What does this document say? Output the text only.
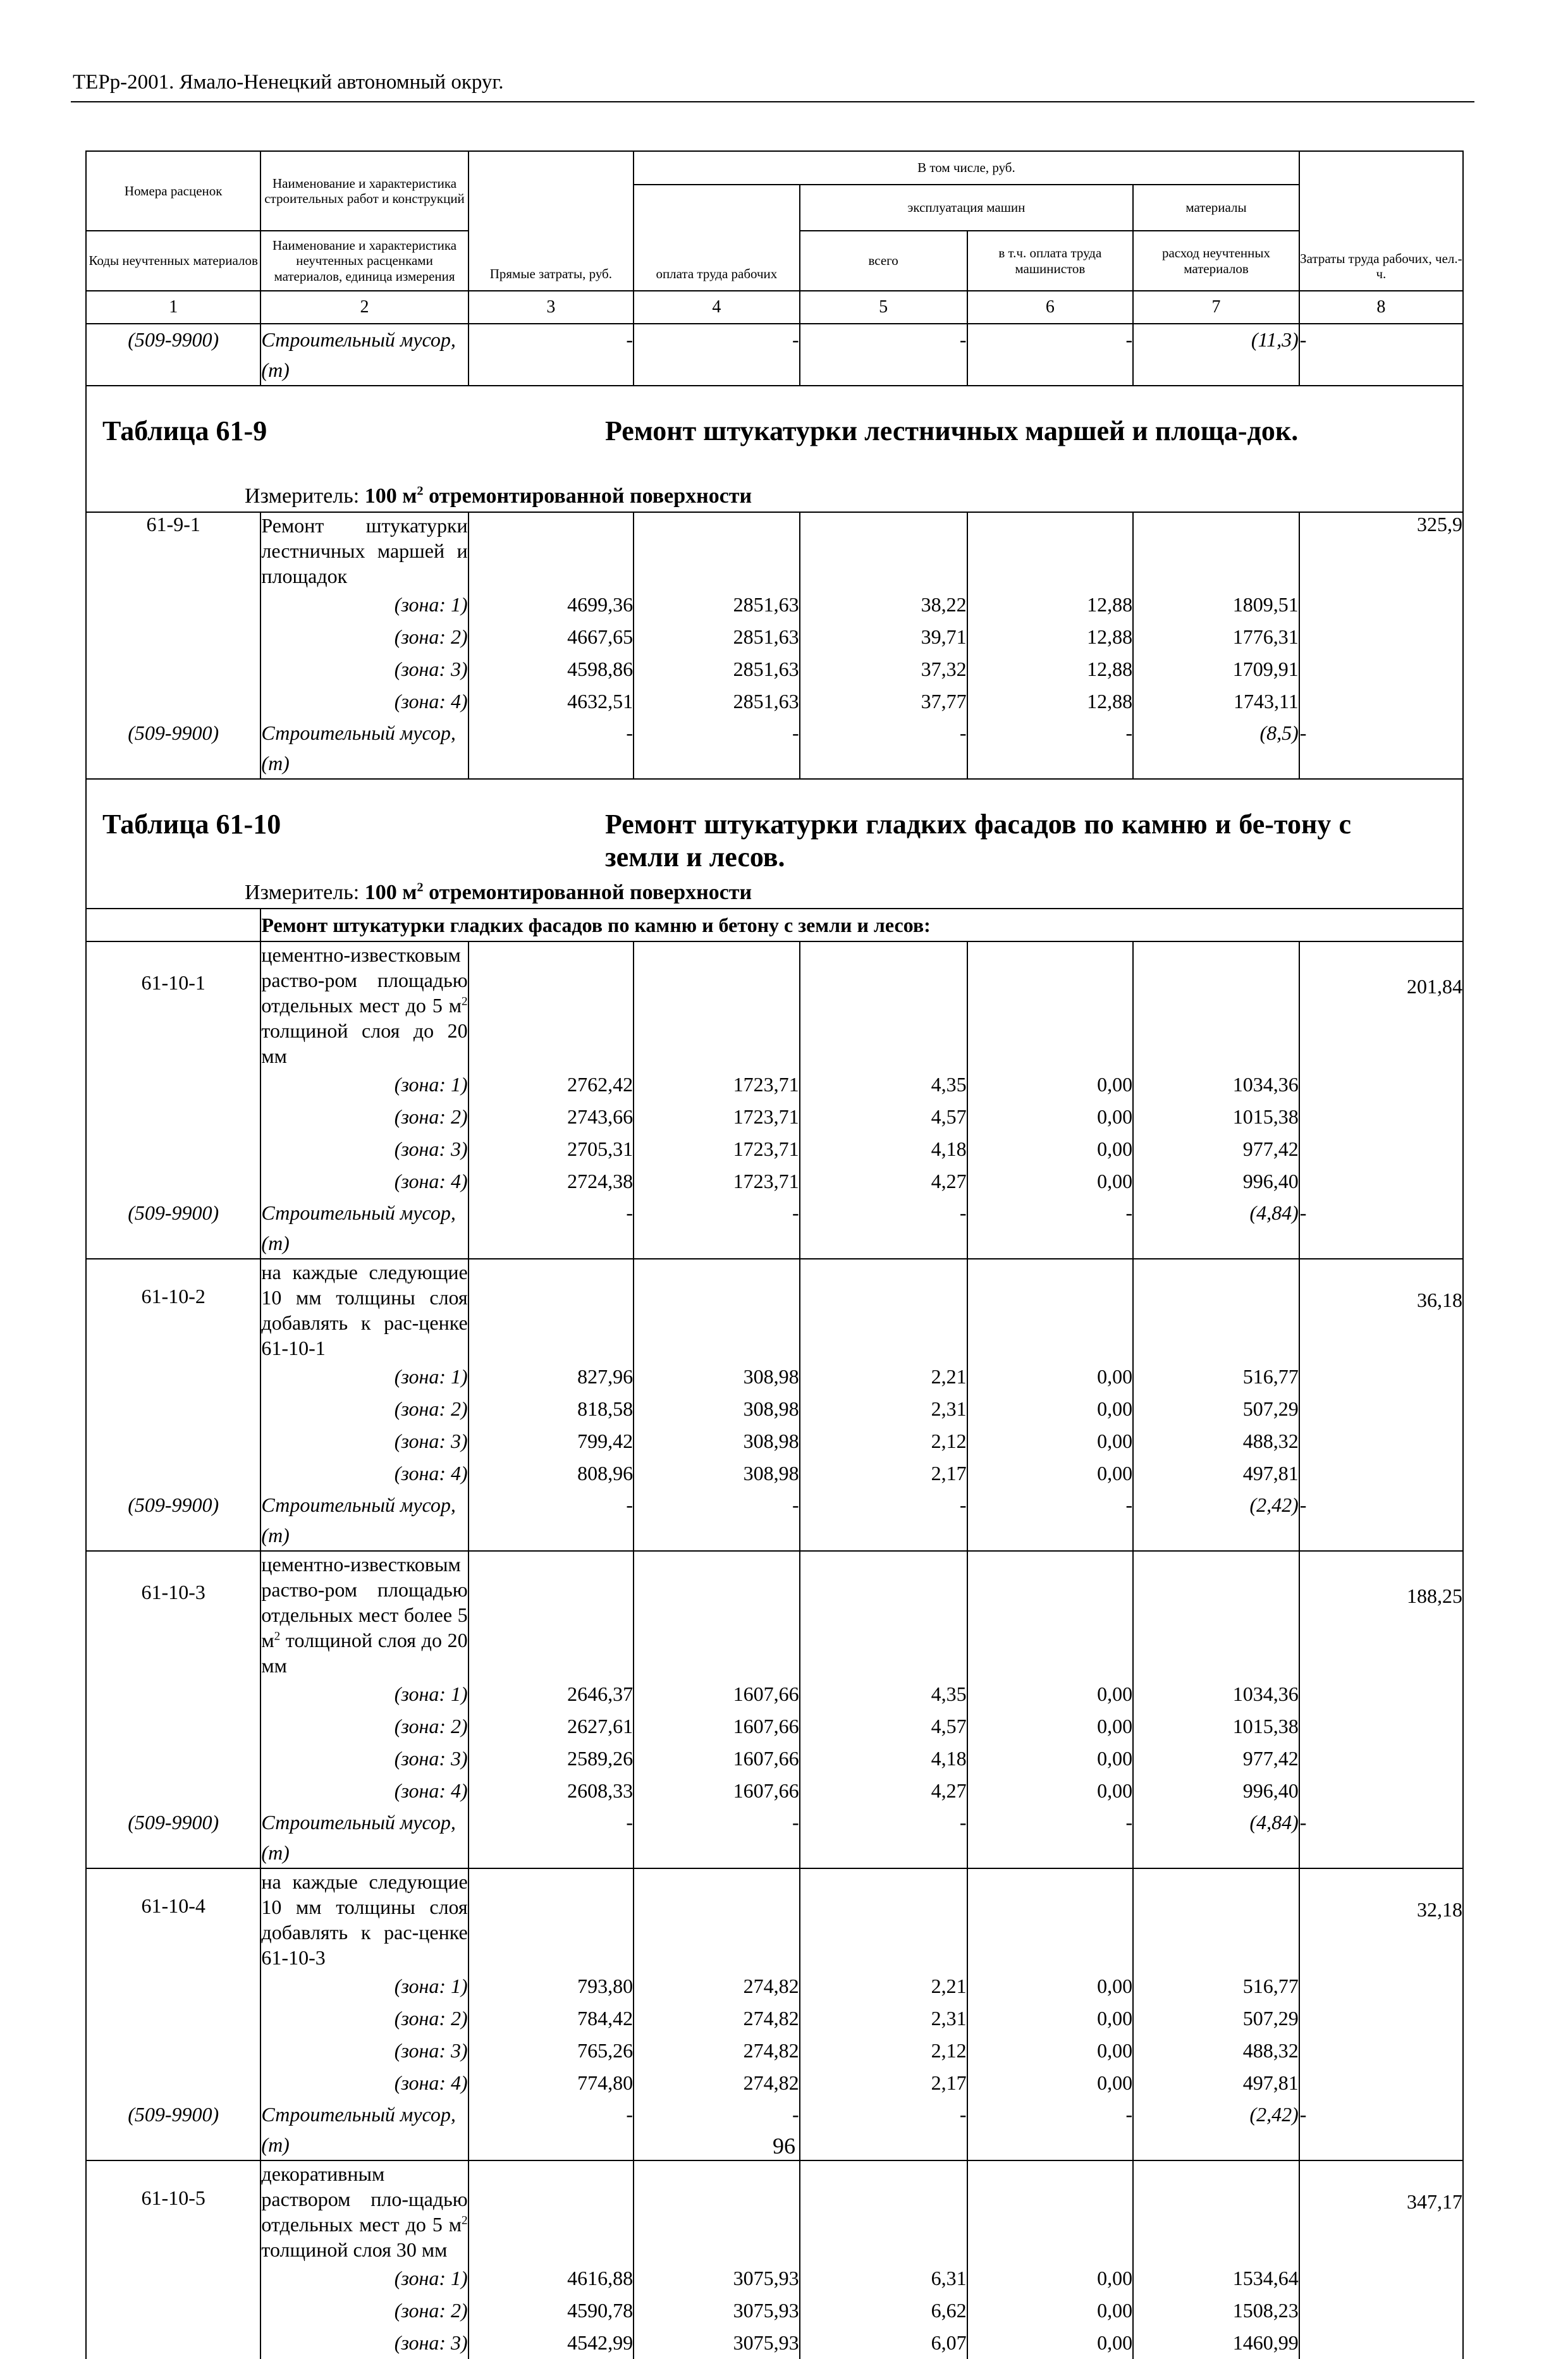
ТЕРр-2001. Ямало-Ненецкий автономный округ.
Номера расценок	Наименование и характеристика строительных работ и конструкций	Прямые затраты, руб.	В том числе, руб.				Затраты труда рабочих, чел.-ч.
			оплата труда рабочих	эксплуатация машин		материалы	
Коды неучтенных материалов	Наименование и характеристика неучтенных расценками материалов, единица измерения			всего	в т.ч. оплата труда машинистов	расход неучтенных материалов	
1	2	3	4	5	6	7	8
(509-9900)	Строительный мусор, (т)	-	-	-	-	(11,3)	-

Таблица 61-9 Ремонт штукатурки лестничных маршей и площа-док.
Измеритель: 100 $м^2$ отремонтированной поверхности							

61-9-1	Ремонт штукатурки лестничных маршей и площадок						325,9
	(зона: 1)	4699,36	2851,63	38,22	12,88	1809,51	
	(зона: 2)	4667,65	2851,63	39,71	12,88	1776,31	
	(зона: 3)	4598,86	2851,63	37,32	12,88	1709,91	
	(зона: 4)	4632,51	2851,63	37,77	12,88	1743,11	
(509-9900)	Строительный мусор, (т)	-	-	-	-	(8,5)	-

Таблица 61-10 Ремонт штукатурки гладких фасадов по камню и бе-тону с земли и лесов.
Измеритель: 100 $м^2$ отремонтированной поверхности							

	Ремонт штукатурки гладких фасадов по камню и бетону с земли и лесов:						
61-10-1	цементно-известковым раство-ром площадью отдельных мест до 5 $м^2$ толщиной слоя до 20 мм						201,84
	(зона: 1)	2762,42	1723,71	4,35	0,00	1034,36	
	(зона: 2)	2743,66	1723,71	4,57	0,00	1015,38	
	(зона: 3)	2705,31	1723,71	4,18	0,00	977,42	
	(зона: 4)	2724,38	1723,71	4,27	0,00	996,40	
(509-9900)	Строительный мусор, (т)	-	-	-	-	(4,84)	-
61-10-2	на каждые следующие 10 мм толщины слоя добавлять к рас-ценке 61-10-1						36,18
	(зона: 1)	827,96	308,98	2,21	0,00	516,77	
	(зона: 2)	818,58	308,98	2,31	0,00	507,29	
	(зона: 3)	799,42	308,98	2,12	0,00	488,32	
	(зона: 4)	808,96	308,98	2,17	0,00	497,81	
(509-9900)	Строительный мусор, (т)	-	-	-	-	(2,42)	-
61-10-3	цементно-известковым раство-ром площадью отдельных мест более 5 $м^2$ толщиной слоя до 20 мм						188,25
	(зона: 1)	2646,37	1607,66	4,35	0,00	1034,36	
	(зона: 2)	2627,61	1607,66	4,57	0,00	1015,38	
	(зона: 3)	2589,26	1607,66	4,18	0,00	977,42	
	(зона: 4)	2608,33	1607,66	4,27	0,00	996,40	
(509-9900)	Строительный мусор, (т)	-	-	-	-	(4,84)	-
61-10-4	на каждые следующие 10 мм толщины слоя добавлять к рас-ценке 61-10-3						32,18
	(зона: 1)	793,80	274,82	2,21	0,00	516,77	
	(зона: 2)	784,42	274,82	2,31	0,00	507,29	
	(зона: 3)	765,26	274,82	2,12	0,00	488,32	
	(зона: 4)	774,80	274,82	2,17	0,00	497,81	
(509-9900)	Строительный мусор, (т)	-	-	-	-	(2,42)	-
61-10-5	декоративным раствором пло-щадью отдельных мест до 5 $м^2$ толщиной слоя 30 мм						347,17
	(зона: 1)	4616,88	3075,93	6,31	0,00	1534,64	
	(зона: 2)	4590,78	3075,93	6,62	0,00	1508,23	
	(зона: 3)	4542,99	3075,93	6,07	0,00	1460,99	
96
